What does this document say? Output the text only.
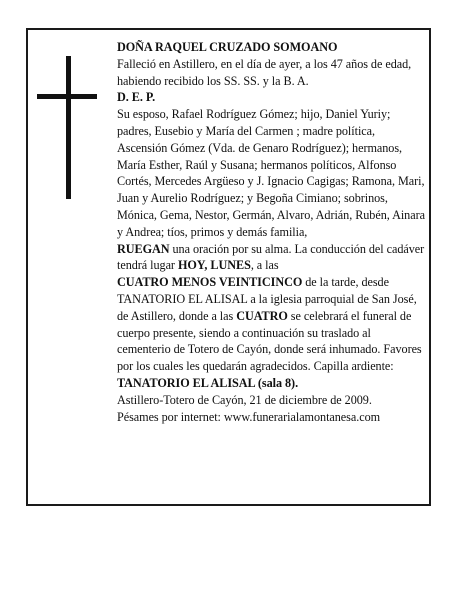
DOÑA RAQUEL CRUZADO SOMOANO

Falleció en Astillero, en el día de ayer, a los 47 años de edad, habiendo recibido los SS. SS. y la B. A.

D. E. P.

Su esposo, Rafael Rodríguez Gómez; hijo, Daniel Yuriy; padres, Eusebio y María del Carmen ; madre política, Ascensión Gómez (Vda. de Genaro Rodríguez); hermanos, María Esther, Raúl y Susana; hermanos políticos, Alfonso Cortés, Mercedes Argüeso y J. Ignacio Cagigas; Ramona, Mari, Juan y Aurelio Rodríguez; y Begoña Cimiano; sobrinos, Mónica, Gema, Nestor, Germán, Alvaro, Adrián, Rubén, Ainara y Andrea; tíos, primos y demás familia,

RUEGAN una oración por su alma. La conducción del cadáver tendrá lugar HOY, LUNES, a las
CUATRO MENOS VEINTICINCO de la tarde, desde TANATORIO EL ALISAL a la iglesia parroquial de San José, de Astillero, donde a las CUATRO se celebrará el funeral de cuerpo presente, siendo a continuación su traslado al cementerio de Totero de Cayón, donde será inhumado. Favores por los cuales les quedarán agradecidos. Capilla ardiente:

TANATORIO EL ALISAL (sala 8).

Astillero-Totero de Cayón, 21 de diciembre de 2009.

Pésames por internet: www.funerarialamontanesa.com
